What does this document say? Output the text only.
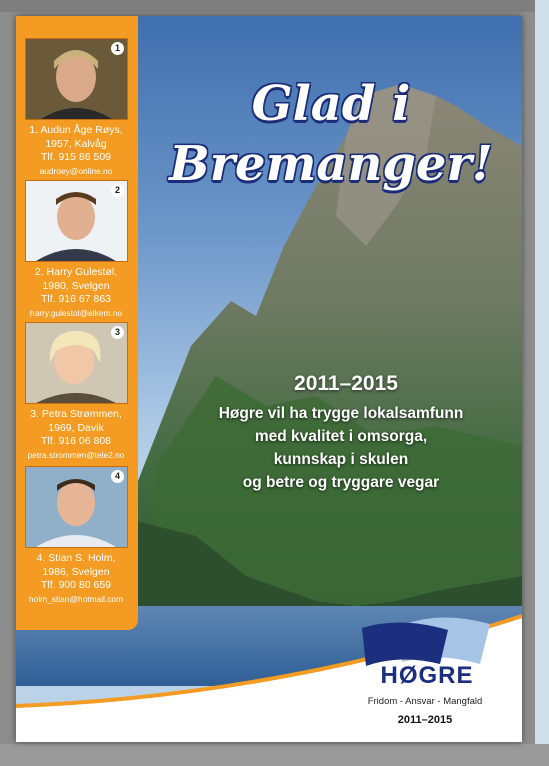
1
1. Audun Åge Røys,
1957, Kalvåg
Tlf. 915 86 509
audroey@online.no
2
2. Harry Gulestøl,
1980, Svelgen
Tlf. 916 67 863
harry.gulestol@elkem.no
3
3. Petra Strømmen,
1969, Davik
Tlf. 916 06 808
petra.strommen@tele2.no
4
4. Stian S. Holm,
1986, Svelgen
Tlf. 900 80 659
holm_stian@hotmail.com
Glad i
Bremanger!
2011–2015
Høgre vil ha trygge lokalsamfunn
med kvalitet i omsorga,
kunnskap i skulen
og betre og tryggare vegar
HØGRE
Fridom - Ansvar - Mangfald
2011–2015
